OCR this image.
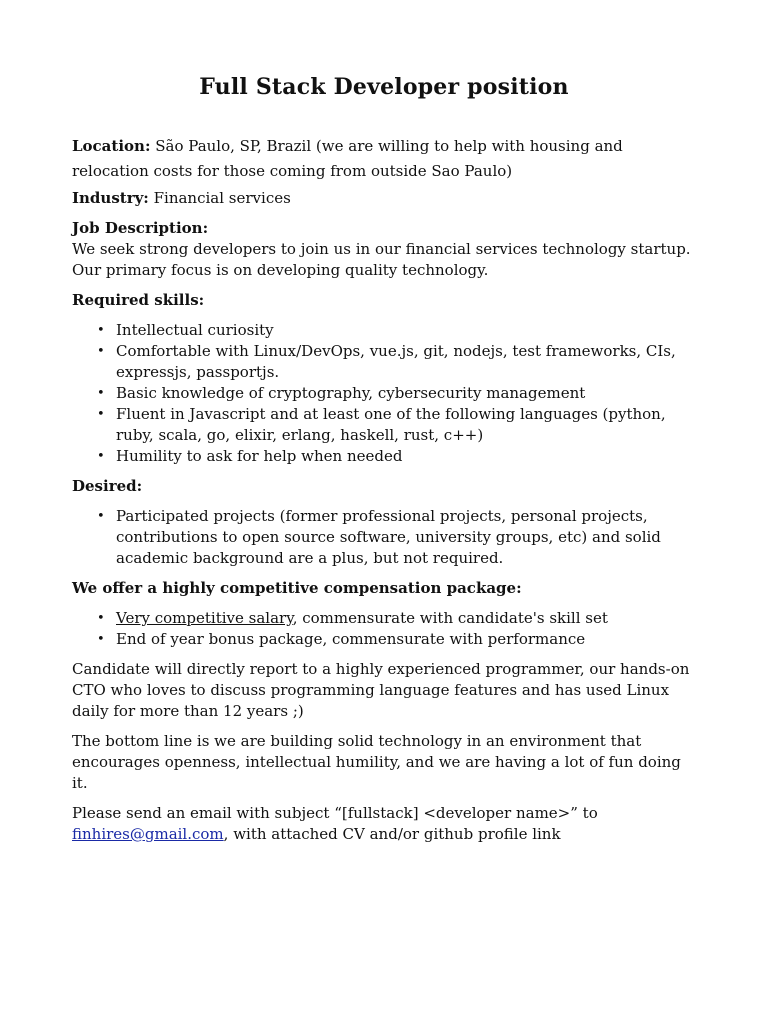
Full Stack Developer position

Location: São Paulo, SP, Brazil (we are willing to help with housing and relocation costs for those coming from outside Sao Paulo)

Industry: Financial services

Job Description:

We seek strong developers to join us in our financial services technology startup. Our primary focus is on developing quality technology.

Required skills:

• Intellectual curiosity
• Comfortable with Linux/DevOps, vue.js, git, nodejs, test frameworks, CIs, expressjs, passportjs.
• Basic knowledge of cryptography, cybersecurity management
• Fluent in Javascript and at least one of the following languages (python, ruby, scala, go, elixir, erlang, haskell, rust, c++)
• Humility to ask for help when needed

Desired:

• Participated projects (former professional projects, personal projects, contributions to open source software, university groups, etc) and solid academic background are a plus, but not required.

We offer a highly competitive compensation package:

• Very competitive salary, commensurate with candidate's skill set
• End of year bonus package, commensurate with performance

Candidate will directly report to a highly experienced programmer, our hands-on CTO who loves to discuss programming language features and has used Linux daily for more than 12 years ;)

The bottom line is we are building solid technology in an environment that encourages openness, intellectual humility, and we are having a lot of fun doing it.

Please send an email with subject “[fullstack] <developer name>” to
finhires@gmail.com, with attached CV and/or github profile link
